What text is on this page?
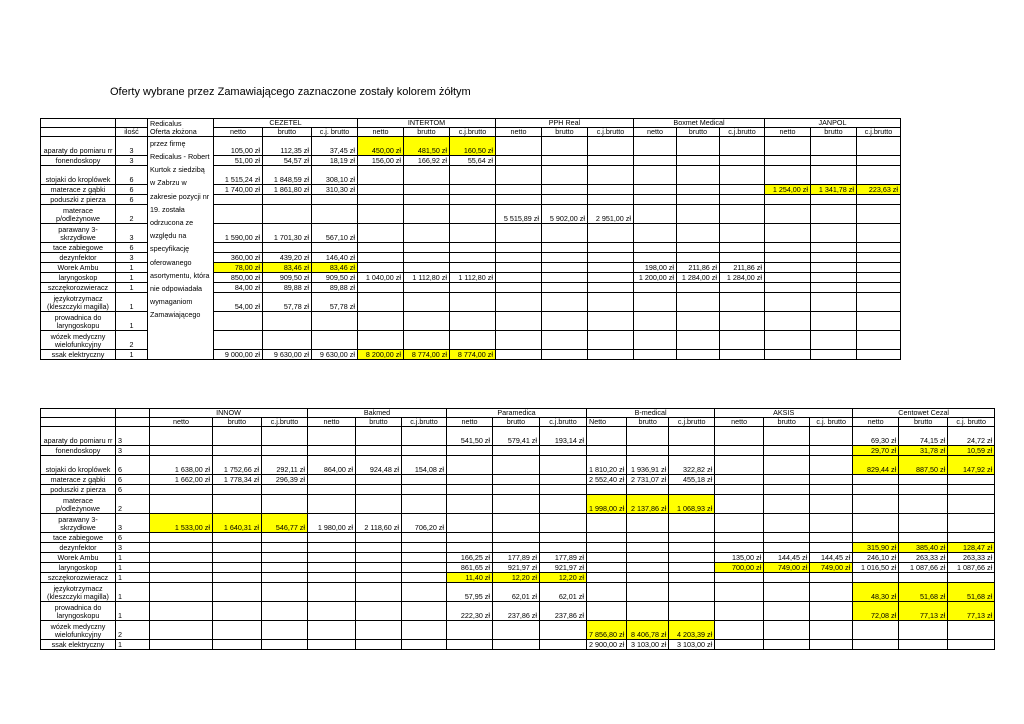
Oferty wybrane przez Zamawiającego zaznaczone zostały kolorem żółtym
		Redicalus	CEZETEL			INTERTOM			PPH Real			Boxmet Medical			JANPOL		
	ilość	Oferta złożona	netto	brutto	c.j. brutto	netto	brutto	c.j.brutto	netto	brutto	c.j.brutto	netto	brutto	c.j.brutto	netto	brutto	c.j.brutto
aparaty do pomiaru rr	3	przez firmę Redicalus - Robert Kurtok z siedzibą w Zabrzu w zakresie pozycji nr 19. została odrzucona ze względu na specyfikację oferowanego asortymentu, która nie odpowiadała wymaganiom Zamawiającego	105,00 zł	112,35 zł	37,45 zł	450,00 zł	481,50 zł	160,50 zł									
fonendoskopy	3		51,00 zł	54,57 zł	18,19 zł	156,00 zł	166,92 zł	55,64 zł									
stojaki do kroplówek	6		1 515,24 zł	1 848,59 zł	308,10 zł												
materace z gąbki	6		1 740,00 zł	1 861,80 zł	310,30 zł										1 254,00 zł	1 341,78 zł	223,63 zł
poduszki z pierza	6																
materace p/odleżynowe	2								5 515,89 zł	5 902,00 zł	2 951,00 zł						
parawany 3-skrzydłowe	3		1 590,00 zł	1 701,30 zł	567,10 zł												
tace zabiegowe	6																
dezynfektor	3		360,00 zł	439,20 zł	146,40 zł												
Worek Ambu	1		78,00 zł	83,46 zł	83,46 zł							198,00 zł	211,86 zł	211,86 zł			
laryngoskop	1		850,00 zł	909,50 zł	909,50 zł	1 040,00 zł	1 112,80 zł	1 112,80 zł				1 200,00 zł	1 284,00 zł	1 284,00 zł			
szczękorozwieracz	1		84,00 zł	89,88 zł	89,88 zł												
językotrzymacz (kleszczyki magilla)	1		54,00 zł	57,78 zł	57,78 zł												
prowadnica do laryngoskopu	1																
wózek medyczny wielofunkcyjny	2																
ssak elektryczny	1		9 000,00 zł	9 630,00 zł	9 630,00 zł	8 200,00 zł	8 774,00 zł	8 774,00 zł									
		INNOW			Bakmed			Paramedica			B-medical			AKSIS			Centowet Cezal		
		netto	brutto	c.j.brutto	netto	brutto	c.j.brutto	netto	brutto	c.j.brutto	Netto	brutto	c.j.brutto	netto	brutto	c.j. brutto	netto	brutto	c.j. brutto
aparaty do pomiaru rr	3							541,50 zł	579,41 zł	193,14 zł							69,30 zł	74,15 zł	24,72 zł
fonendoskopy	3																29,70 zł	31,78 zł	10,59 zł
stojaki do kroplówek	6	1 638,00 zł	1 752,66 zł	292,11 zł	864,00 zł	924,48 zł	154,08 zł				1 810,20 zł	1 936,91 zł	322,82 zł				829,44 zł	887,50 zł	147,92 zł
materace z gąbki	6	1 662,00 zł	1 778,34 zł	296,39 zł							2 552,40 zł	2 731,07 zł	455,18 zł						
poduszki z pierza	6																		
materace p/odleżynowe	2										1 998,00 zł	2 137,86 zł	1 068,93 zł						
parawany 3-skrzydłowe	3	1 533,00 zł	1 640,31 zł	546,77 zł	1 980,00 zł	2 118,60 zł	706,20 zł												
tace zabiegowe	6																		
dezynfektor	3																315,90 zł	385,40 zł	128,47 zł
Worek Ambu	1							166,25 zł	177,89 zł	177,89 zł				135,00 zł	144,45 zł	144,45 zł	246,10 zł	263,33 zł	263,33 zł
laryngoskop	1							861,65 zł	921,97 zł	921,97 zł				700,00 zł	749,00 zł	749,00 zł	1 016,50 zł	1 087,66 zł	1 087,66 zł
szczękorozwieracz	1							11,40 zł	12,20 zł	12,20 zł									
językotrzymacz (kleszczyki magilla)	1							57,95 zł	62,01 zł	62,01 zł							48,30 zł	51,68 zł	51,68 zł
prowadnica do laryngoskopu	1							222,30 zł	237,86 zł	237,86 zł							72,08 zł	77,13 zł	77,13 zł
wózek medyczny wielofunkcyjny	2										7 856,80 zł	8 406,78 zł	4 203,39 zł						
ssak elektryczny	1										2 900,00 zł	3 103,00 zł	3 103,00 zł						
